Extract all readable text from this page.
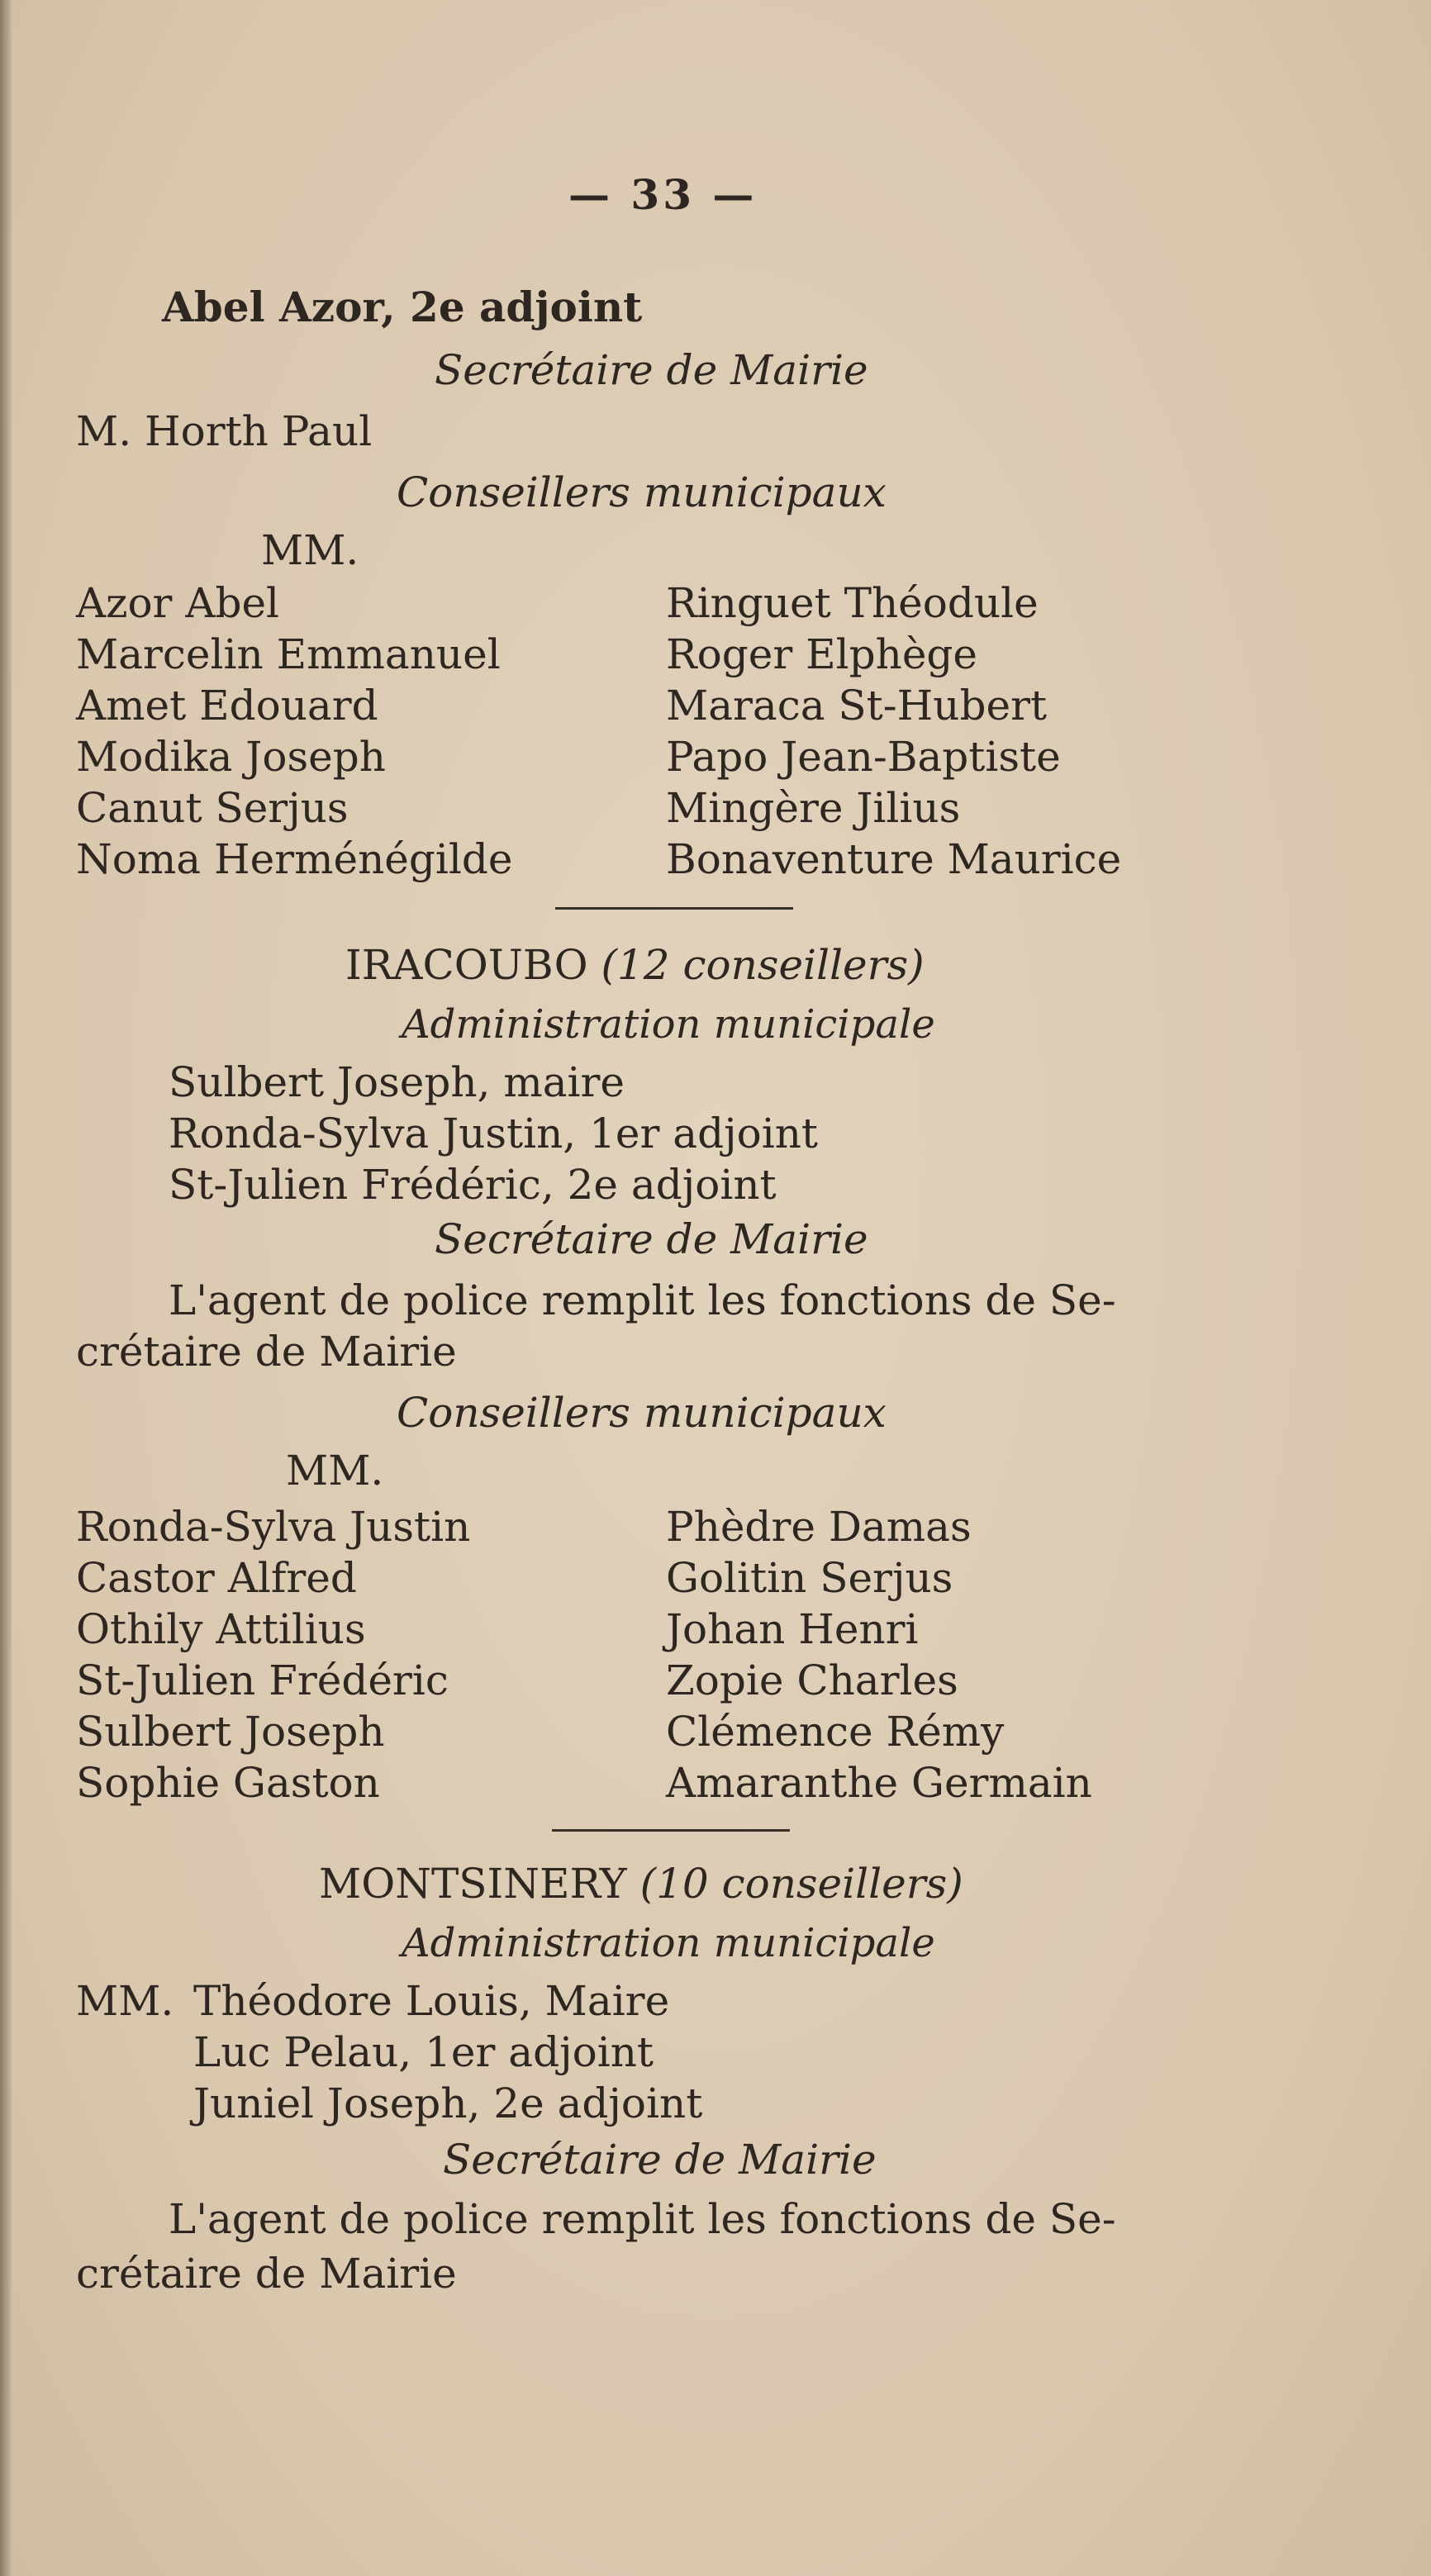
— 33 —
Abel Azor, 2e adjoint
Secrétaire de Mairie
M. Horth Paul
Conseillers municipaux
MM.
Azor Abel
Marcelin Emmanuel
Amet Edouard
Modika Joseph
Canut Serjus
Noma Herménégilde
Ringuet Théodule
Roger Elphège
Maraca St-Hubert
Papo Jean-Baptiste
Mingère Jilius
Bonaventure Maurice
IRACOUBO (12 conseillers)
Administration municipale
Sulbert Joseph, maire
Ronda-Sylva Justin, 1er adjoint
St-Julien Frédéric, 2e adjoint
Secrétaire de Mairie
L'agent de police remplit les fonctions de Se-
crétaire de Mairie
Conseillers municipaux
MM.
Ronda-Sylva Justin
Castor Alfred
Othily Attilius
St-Julien Frédéric
Sulbert Joseph
Sophie Gaston
Phèdre Damas
Golitin Serjus
Johan Henri
Zopie Charles
Clémence Rémy
Amaranthe Germain
MONTSINERY (10 conseillers)
Administration municipale
MM. Théodore Louis, Maire
Luc Pelau, 1er adjoint
Juniel Joseph, 2e adjoint
Secrétaire de Mairie
L'agent de police remplit les fonctions de Se-
crétaire de Mairie
